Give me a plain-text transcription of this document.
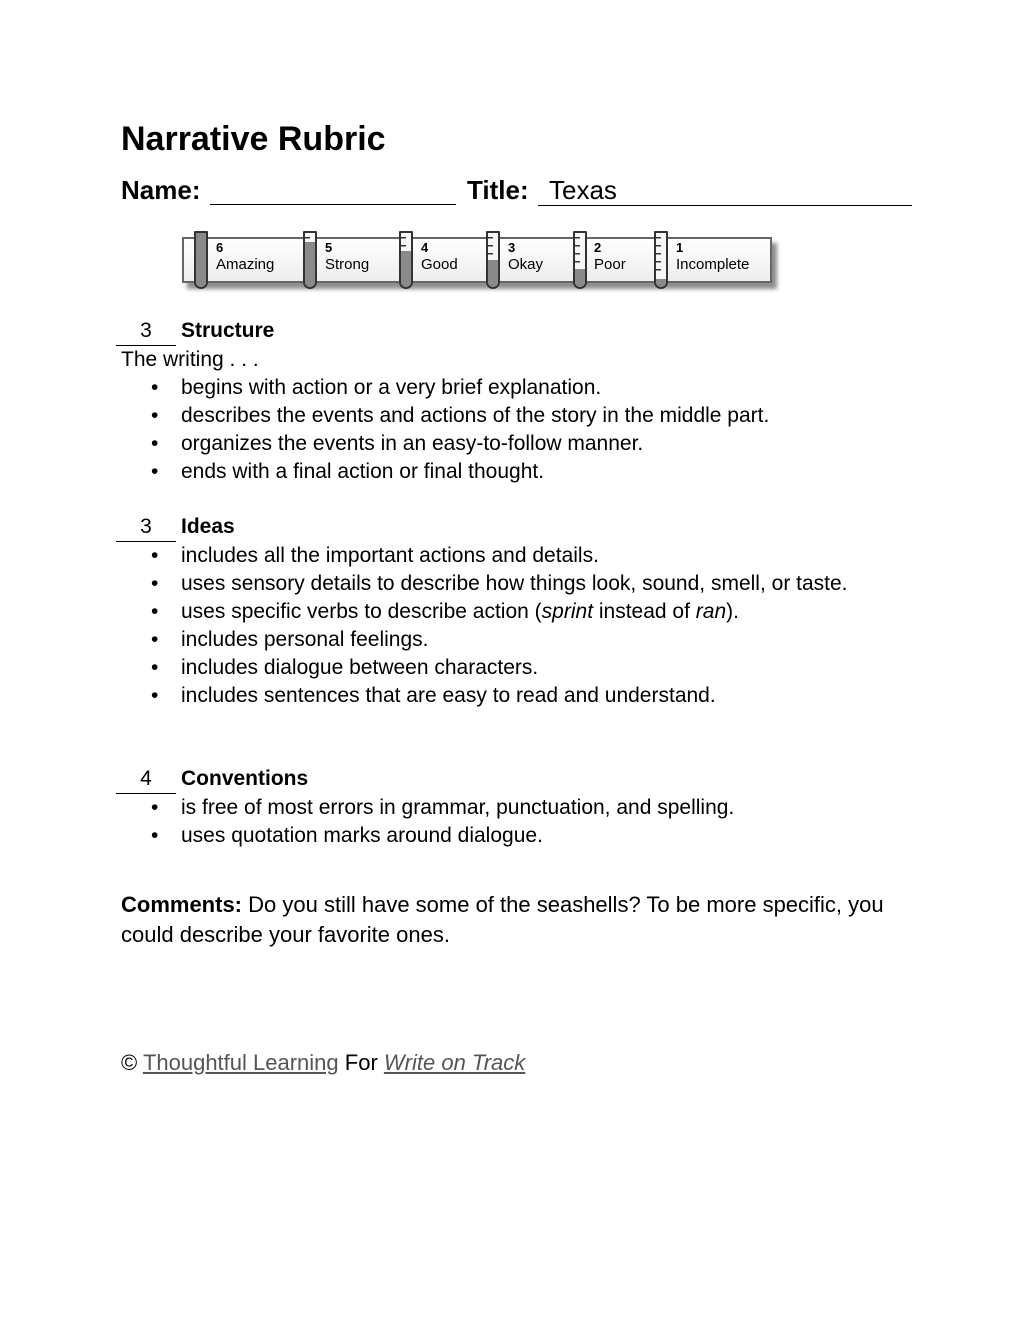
Narrative Rubric
Name:	Title: Texas
6
Amazing
5
Strong
4
Good
3
Okay
2
Poor
1
Incomplete
3	Structure
The writing . . .
• begins with action or a very brief explanation.
• describes the events and actions of the story in the middle part.
• organizes the events in an easy-to-follow manner.
• ends with a final action or final thought.
3	Ideas
• includes all the important actions and details.
• uses sensory details to describe how things look, sound, smell, or taste.
• uses specific verbs to describe action (sprint instead of ran).
• includes personal feelings.
• includes dialogue between characters.
• includes sentences that are easy to read and understand.
4	Conventions
• is free of most errors in grammar, punctuation, and spelling.
• uses quotation marks around dialogue.

Comments: Do you still have some of the seashells? To be more specific, you could describe your favorite ones.

© Thoughtful Learning For Write on Track
